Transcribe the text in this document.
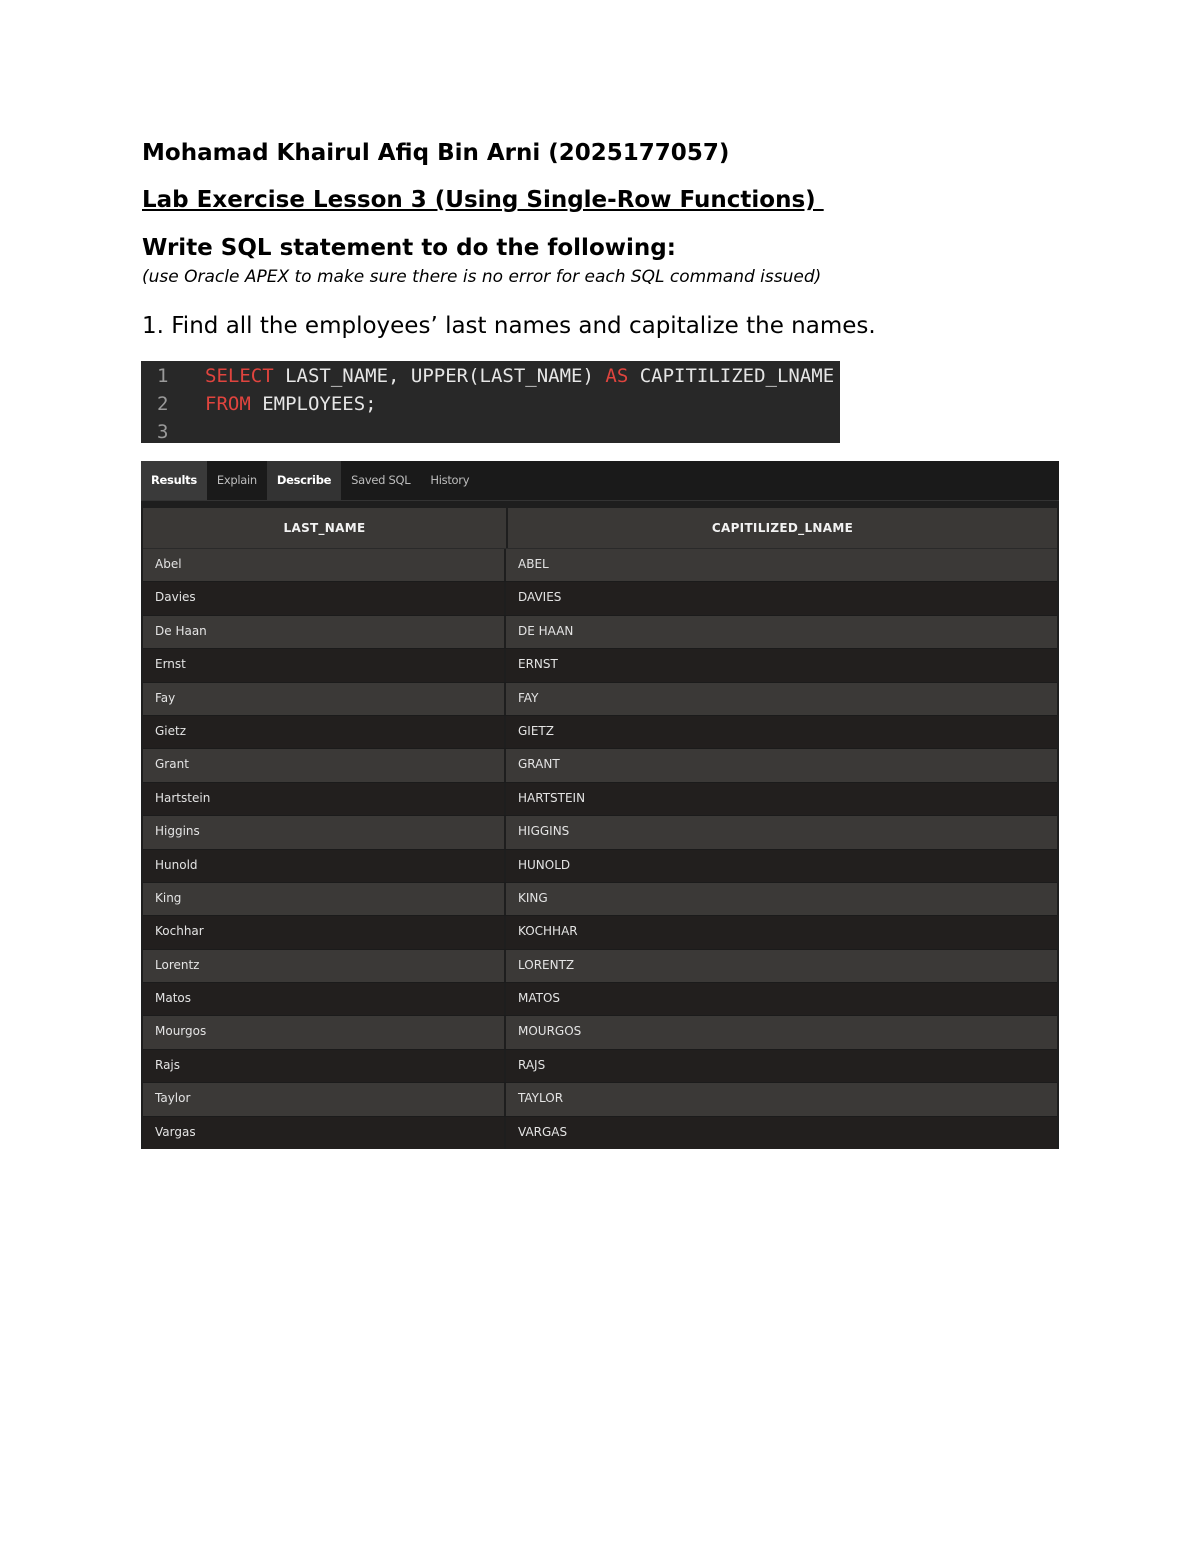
Mohamad Khairul Afiq Bin Arni (2025177057)
Lab Exercise Lesson 3 (Using Single-Row Functions)
Write SQL statement to do the following:

(use Oracle APEX to make sure there is no error for each SQL command issued)

1. Find all the employees’ last names and capitalize the names.

1	SELECT LAST_NAME, UPPER(LAST_NAME) AS CAPITILIZED_LNAME
2	FROM EMPLOYEES;
3
Results	Explain	Describe	Saved SQL	History
LAST_NAME	CAPITILIZED_LNAME
Abel	ABEL
Davies	DAVIES
De Haan	DE HAAN
Ernst	ERNST
Fay	FAY
Gietz	GIETZ
Grant	GRANT
Hartstein	HARTSTEIN
Higgins	HIGGINS
Hunold	HUNOLD
King	KING
Kochhar	KOCHHAR
Lorentz	LORENTZ
Matos	MATOS
Mourgos	MOURGOS
Rajs	RAJS
Taylor	TAYLOR
Vargas	VARGAS
